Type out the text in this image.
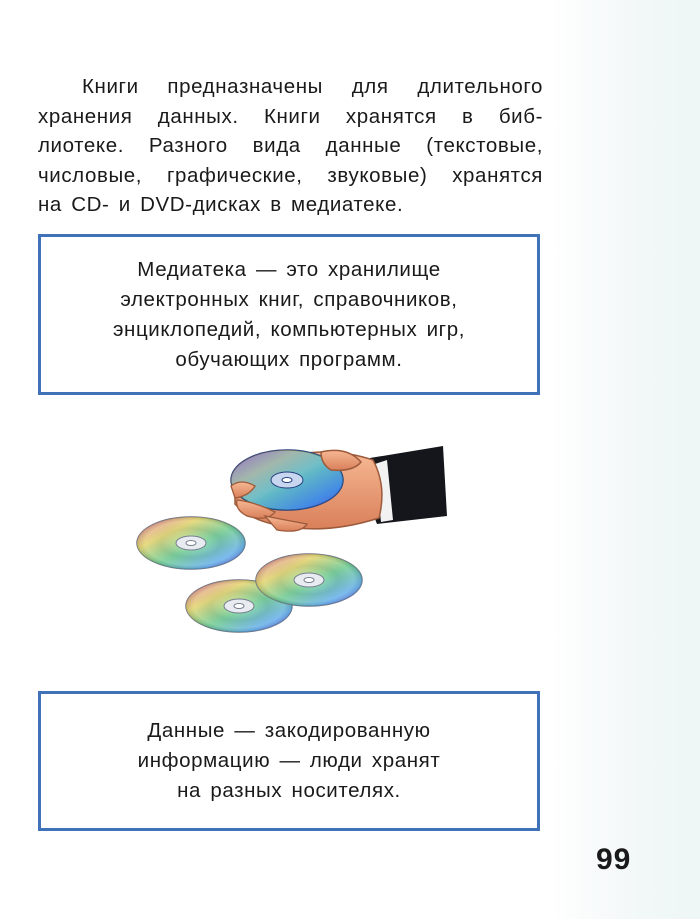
Книги предназначены для длительного
хранения данных. Книги хранятся в биб-
лиотеке. Разного вида данные (текстовые,
числовые, графические, звуковые) хранятся
на CD- и DVD-дисках в медиатеке.

Медиатека — это хранилище
электронных книг, справочников,
энциклопедий, компьютерных игр,
обучающих программ.
Данные — закодированную
информацию — люди хранят
на разных носителях.
99
